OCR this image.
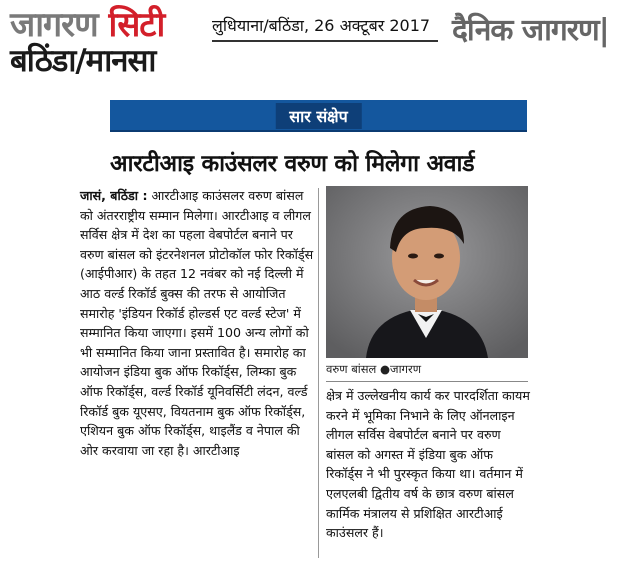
जागरण सिटी
बठिंडा/मानसा
लुधियाना/बठिंडा, 26 अक्टूबर 2017 दैनिक जागरण|
सार संक्षेप
आरटीआइ काउंसलर वरुण को मिलेगा अवार्ड

जासं, बठिंडा : आरटीआइ काउंसलर वरुण बांसल को अंतरराष्ट्रीय सम्मान मिलेगा। आरटीआइ व लीगल सर्विस क्षेत्र में देश का पहला वेबपोर्टल बनाने पर वरुण बांसल को इंटरनेशनल प्रोटोकॉल फोर रिकॉर्ड्स (आईपीआर) के तहत 12 नवंबर को नई दिल्ली में आठ वर्ल्ड रिकॉर्ड बुक्स की तरफ से आयोजित समारोह 'इंडियन रिकॉर्ड होल्डर्स एट वर्ल्ड स्टेज' में सम्मानित किया जाएगा। इसमें 100 अन्य लोगों को भी सम्मानित किया जाना प्रस्तावित है। समारोह का आयोजन इंडिया बुक ऑफ रिकॉर्ड्स, लिम्का बुक ऑफ रिकॉर्ड्स, वर्ल्ड रिकॉर्ड यूनिवर्सिटी लंदन, वर्ल्ड रिकॉर्ड बुक यूएसए, वियतनाम बुक ऑफ रिकॉर्ड्स, एशियन बुक ऑफ रिकॉर्ड्स, थाइलैंड व नेपाल की ओर करवाया जा रहा है। आरटीआइ

वरुण बांसल ●जागरण

क्षेत्र में उल्लेखनीय कार्य कर पारदर्शिता कायम करने में भूमिका निभाने के लिए ऑनलाइन लीगल सर्विस वेबपोर्टल बनाने पर वरुण बांसल को अगस्त में इंडिया बुक ऑफ रिकॉर्ड्स ने भी पुरस्कृत किया था। वर्तमान में एलएलबी द्वितीय वर्ष के छात्र वरुण बांसल कार्मिक मंत्रालय से प्रशिक्षित आरटीआई काउंसलर हैं।
